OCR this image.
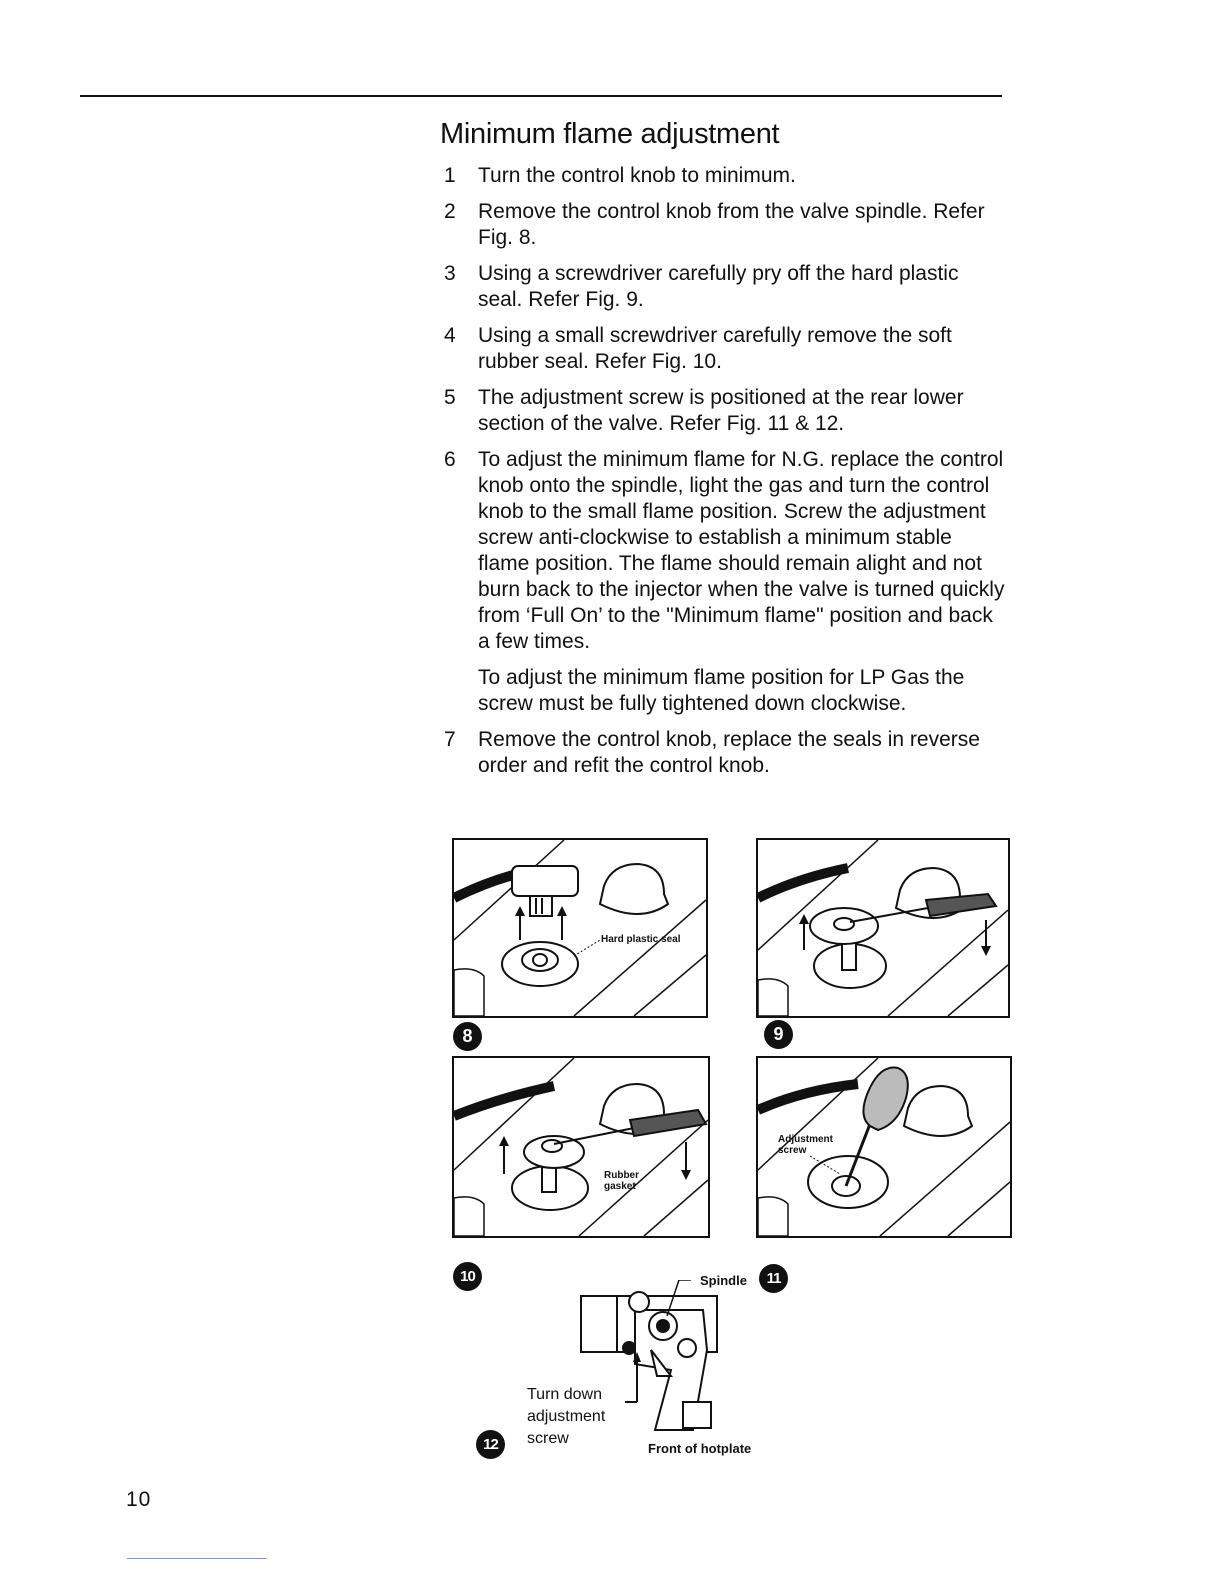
Minimum flame adjustment
1 Turn the control knob to minimum.

2 Remove the control knob from the valve spindle. Refer Fig. 8.

3 Using a screwdriver carefully pry off the hard plastic seal. Refer Fig. 9.

4 Using a small screwdriver carefully remove the soft rubber seal. Refer Fig. 10.

5 The adjustment screw is positioned at the rear lower section of the valve. Refer Fig. 11 & 12.

6 To adjust the minimum flame for N.G. replace the control knob onto the spindle, light the gas and turn the control knob to the small flame position. Screw the adjustment screw anti-clockwise to establish a minimum stable flame position. The flame should remain alight and not burn back to the injector when the valve is turned quickly from ‘Full On’ to the "Minimum flame" position and back a few times.

To adjust the minimum flame position for LP Gas the screw must be fully tightened down clockwise.

7 Remove the control knob, replace the seals in reverse order and refit the control knob.

Hard plastic seal
8	9
Rubber gasket
10
Adjustment screw
Spindle	11
Turn down adjustment screw
Front of hotplate
12
10
